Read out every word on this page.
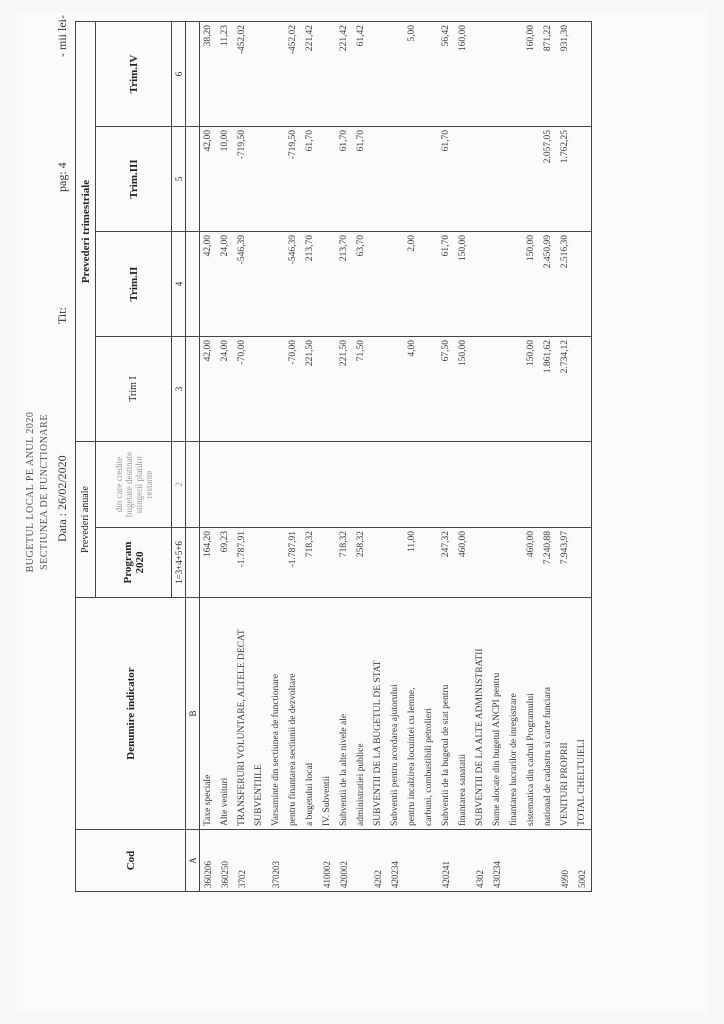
BUGETUL LOCAL PE ANUL 2020 SECTIUNEA DE FUNCTIONARE Data : 26/02/2020
Tit:
pag: 4
- mii lei-
Cod	Denumire indicator	Prevederi anuale		Prevederi trimestriale			
		Program 2020	din care credite bugetare destinate stingerii platilor restante	Trim I	Trim.II	Trim.III	Trim.IV
		1=3+4+5+6	2	3	4	5	6
A	B						
360206	Taxe speciale	164,20		42,00	42,00	42,00	38,20
360250	Alte venituri	69,23		24,00	24,00	10,00	11,23
3702	TRANSFERURI VOLUNTARE, ALTELE DECAT	-1.787,91		-70,00	-546,39	-719,50	-452,02
	SUBVENTIILE						
370203	Varsaminte din sectiunea de functionare						
	pentru finantarea sectiunii de dezvoltare	-1.787,91		-70,00	-546,39	-719,50	-452,02
	a bugetului local	718,32		221,50	213,70	61,70	221,42
410002	IV. Subventii						
420002	Subventii de la alte nivele ale	718,32		221,50	213,70	61,70	221,42
	administratiei publice	258,32		71,50	63,70	61,70	61,42
4202	SUBVENTII DE LA BUGETUL DE STAT						
420234	Subventii pentru acordarea ajutorului						
	pentru incalzirea locuintei cu lemne,	11,00		4,00	2,00		5,00
	carbuni, combustibili petrolieri						
420241	Subventii de la bugetul de stat pentru	247,32		67,50	61,70	61,70	56,42
	finantarea sanatatii	460,00		150,00	150,00		160,00
4302	SUBVENTII DE LA ALTE ADMINISTRATII						
430234	Sume alocate din bugetul ANCPI pentru						
	finantarea lucrarilor de inregistrare						
	sistematica din cadrul Programului	460,00		150,00	150,00		160,00
	national de cadastru si carte funciara	7.240,88		1.861,62	2.450,99	2.057,05	871,22
4990	VENITURI PROPRII	7.943,97		2.734,12	2.516,30	1.762,25	931,30
5002	TOTAL CHELTUIELI						
